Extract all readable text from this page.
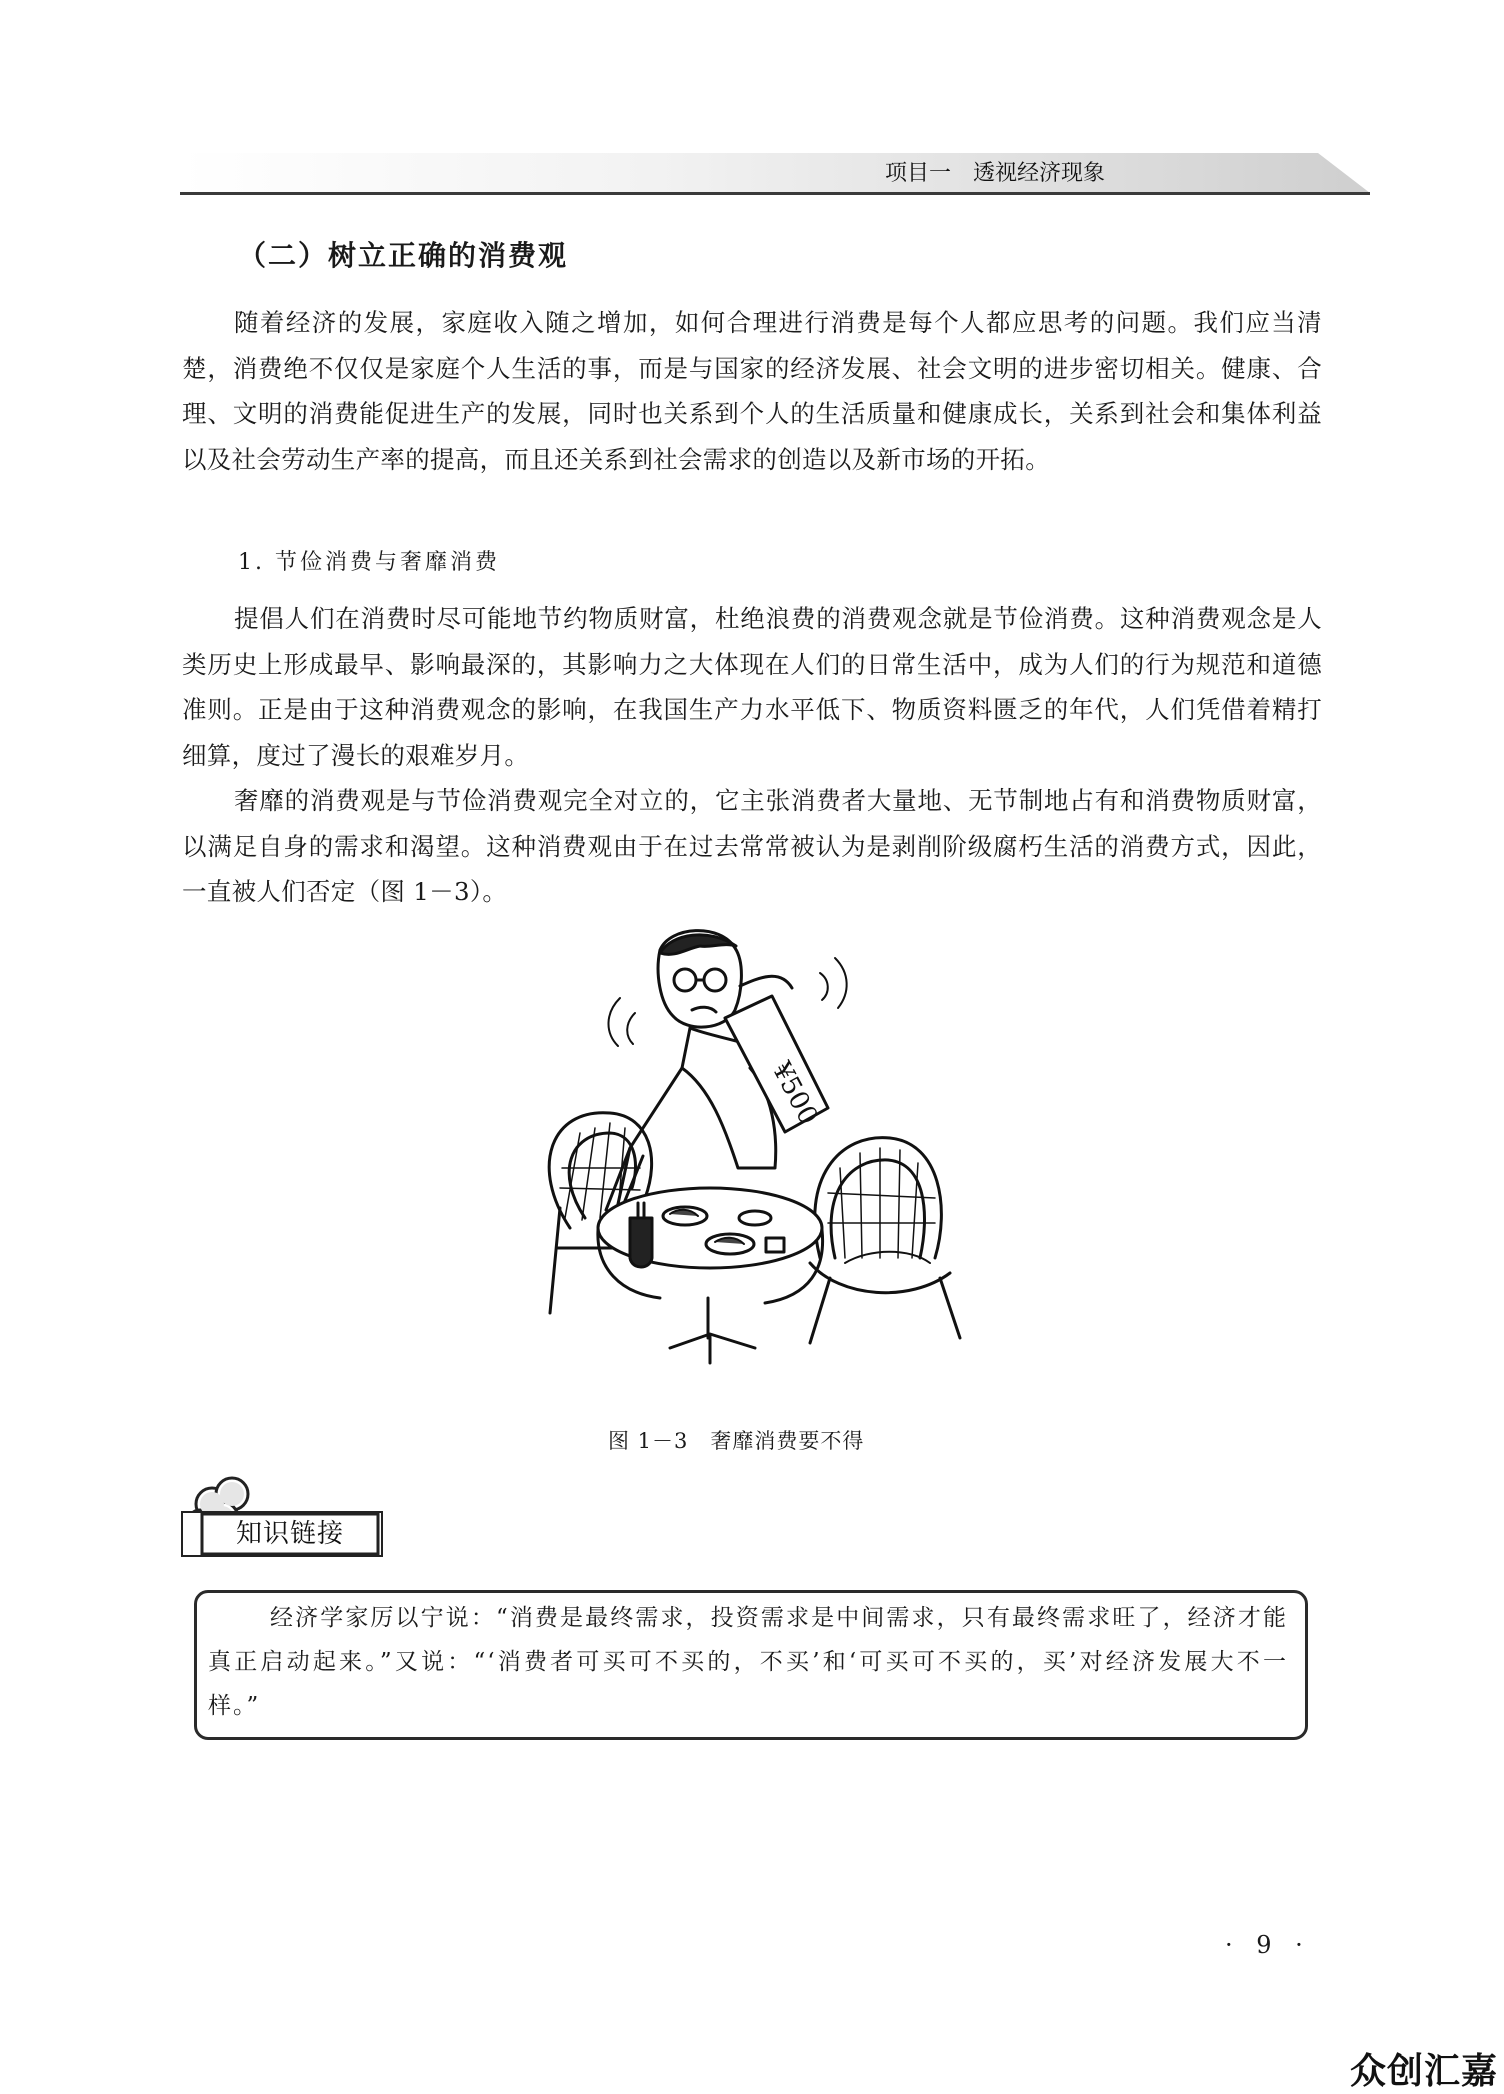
项目一 透视经济现象
（二）树立正确的消费观

随着经济的发展，家庭收入随之增加，如何合理进行消费是每个人都应思考的问题。我们应当清楚，消费绝不仅仅是家庭个人生活的事，而是与国家的经济发展、社会文明的进步密切相关。健康、合理、文明的消费能促进生产的发展，同时也关系到个人的生活质量和健康成长，关系到社会和集体利益以及社会劳动生产率的提高，而且还关系到社会需求的创造以及新市场的开拓。

1. 节俭消费与奢靡消费

提倡人们在消费时尽可能地节约物质财富，杜绝浪费的消费观念就是节俭消费。这种消费观念是人类历史上形成最早、影响最深的，其影响力之大体现在人们的日常生活中，成为人们的行为规范和道德准则。正是由于这种消费观念的影响，在我国生产力水平低下、物质资料匮乏的年代，人们凭借着精打细算，度过了漫长的艰难岁月。

奢靡的消费观是与节俭消费观完全对立的，它主张消费者大量地、无节制地占有和消费物质财富，以满足自身的需求和渴望。这种消费观由于在过去常常被认为是剥削阶级腐朽生活的消费方式，因此，一直被人们否定（图 1－3）。

¥500
图 1－3　奢靡消费要不得
知识链接

经济学家厉以宁说：“消费是最终需求，投资需求是中间需求，只有最终需求旺了，经济才能真正启动起来。”又说：“‘消费者可买可不买的，不买’和‘可买可不买的，买’对经济发展大不一样。”

· 9 ·
众创汇嘉
